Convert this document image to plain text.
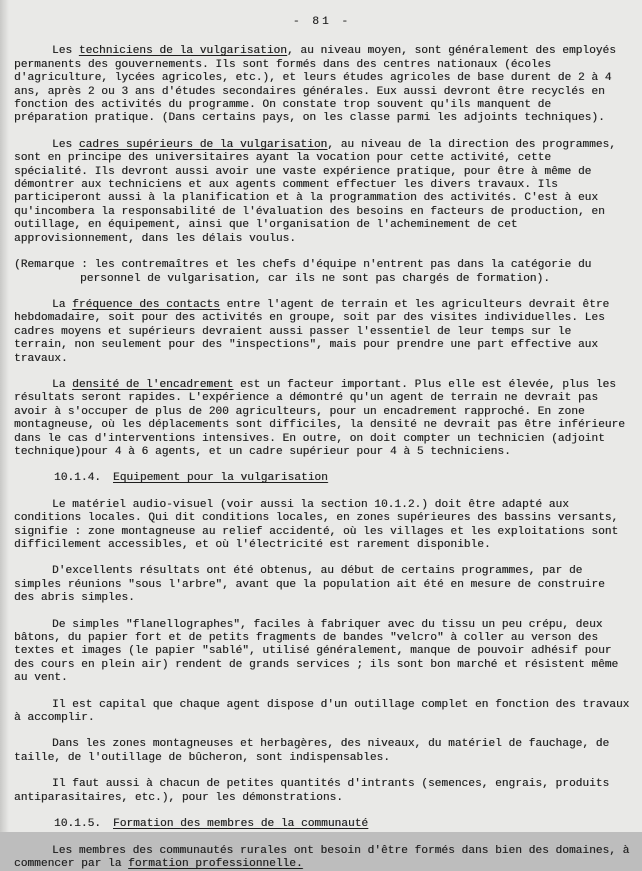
- 81 -

Les techniciens de la vulgarisation, au niveau moyen, sont généralement des employés permanents des gouvernements. Ils sont formés dans des centres nationaux (écoles d'agriculture, lycées agricoles, etc.), et leurs études agricoles de base durent de 2 à 4 ans, après 2 ou 3 ans d'études secondaires générales. Eux aussi devront être recyclés en fonction des activités du programme. On constate trop souvent qu'ils manquent de préparation pratique. (Dans certains pays, on les classe parmi les adjoints techniques).

Les cadres supérieurs de la vulgarisation, au niveau de la direction des programmes, sont en principe des universitaires ayant la vocation pour cette activité, cette spécialité. Ils devront aussi avoir une vaste expérience pratique, pour être à même de démontrer aux techniciens et aux agents comment effectuer les divers travaux. Ils participeront aussi à la planification et à la programmation des activités. C'est à eux qu'incombera la responsabilité de l'évaluation des besoins en facteurs de production, en outillage, en équipement, ainsi que l'organisation de l'acheminement de cet approvisionnement, dans les délais voulus.

(Remarque : les contremaîtres et les chefs d'équipe n'entrent pas dans la catégorie du personnel de vulgarisation, car ils ne sont pas chargés de formation).

La fréquence des contacts entre l'agent de terrain et les agriculteurs devrait être hebdomadaire, soit pour des activités en groupe, soit par des visites individuelles. Les cadres moyens et supérieurs devraient aussi passer l'essentiel de leur temps sur le terrain, non seulement pour des "inspections", mais pour prendre une part effective aux travaux.

La densité de l'encadrement est un facteur important. Plus elle est élevée, plus les résultats seront rapides. L'expérience a démontré qu'un agent de terrain ne devrait pas avoir à s'occuper de plus de 200 agriculteurs, pour un encadrement rapproché. En zone montagneuse, où les déplacements sont difficiles, la densité ne devrait pas être inférieure dans le cas d'interventions intensives. En outre, on doit compter un technicien (adjoint technique)pour 4 à 6 agents, et un cadre supérieur pour 4 à 5 techniciens.

10.1.4. Equipement pour la vulgarisation

Le matériel audio-visuel (voir aussi la section 10.1.2.) doit être adapté aux conditions locales. Qui dit conditions locales, en zones supérieures des bassins versants, signifie : zone montagneuse au relief accidenté, où les villages et les exploitations sont difficilement accessibles, et où l'électricité est rarement disponible.

D'excellents résultats ont été obtenus, au début de certains programmes, par de simples réunions "sous l'arbre", avant que la population ait été en mesure de construire des abris simples.

De simples "flanellographes", faciles à fabriquer avec du tissu un peu crépu, deux bâtons, du papier fort et de petits fragments de bandes "velcro" à coller au verson des textes et images (le papier "sablé", utilisé généralement, manque de pouvoir adhésif pour des cours en plein air) rendent de grands services ; ils sont bon marché et résistent même au vent.

Il est capital que chaque agent dispose d'un outillage complet en fonction des travaux à accomplir.

Dans les zones montagneuses et herbagères, des niveaux, du matériel de fauchage, de taille, de l'outillage de bûcheron, sont indispensables.

Il faut aussi à chacun de petites quantités d'intrants (semences, engrais, produits antiparasitaires, etc.), pour les démonstrations.

10.1.5. Formation des membres de la communauté

Les membres des communautés rurales ont besoin d'être formés dans bien des domaines, à commencer par la formation professionnelle.
